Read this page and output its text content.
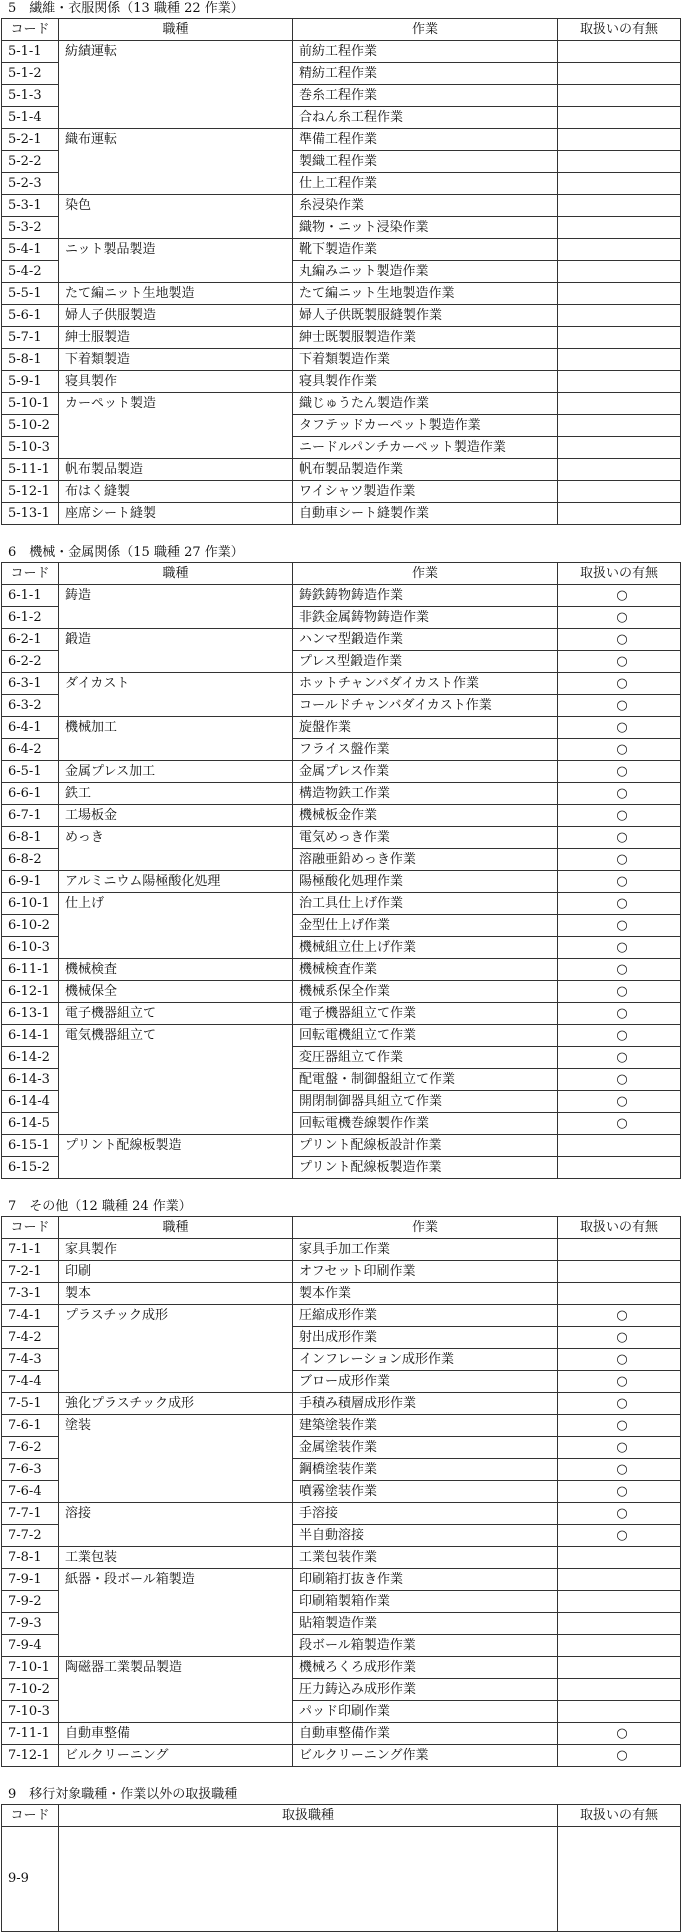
5　繊維・衣服関係（13 職種 22 作業）
コード	職種	作業	取扱いの有無
5-1-1	紡績運転	前紡工程作業	
5-1-2		精紡工程作業	
5-1-3		巻糸工程作業	
5-1-4		合ねん糸工程作業	
5-2-1	織布運転	準備工程作業	
5-2-2		製織工程作業	
5-2-3		仕上工程作業	
5-3-1	染色	糸浸染作業	
5-3-2		織物・ニット浸染作業	
5-4-1	ニット製品製造	靴下製造作業	
5-4-2		丸編みニット製造作業	
5-5-1	たて編ニット生地製造	たて編ニット生地製造作業	
5-6-1	婦人子供服製造	婦人子供既製服縫製作業	
5-7-1	紳士服製造	紳士既製服製造作業	
5-8-1	下着類製造	下着類製造作業	
5-9-1	寝具製作	寝具製作作業	
5-10-1	カーペット製造	織じゅうたん製造作業	
5-10-2		タフテッドカーペット製造作業	
5-10-3		ニードルパンチカーペット製造作業	
5-11-1	帆布製品製造	帆布製品製造作業	
5-12-1	布はく縫製	ワイシャツ製造作業	
5-13-1	座席シート縫製	自動車シート縫製作業	
6　機械・金属関係（15 職種 27 作業）
コード	職種	作業	取扱いの有無
6-1-1	鋳造	鋳鉄鋳物鋳造作業	○
6-1-2		非鉄金属鋳物鋳造作業	○
6-2-1	鍛造	ハンマ型鍛造作業	○
6-2-2		プレス型鍛造作業	○
6-3-1	ダイカスト	ホットチャンバダイカスト作業	○
6-3-2		コールドチャンバダイカスト作業	○
6-4-1	機械加工	旋盤作業	○
6-4-2		フライス盤作業	○
6-5-1	金属プレス加工	金属プレス作業	○
6-6-1	鉄工	構造物鉄工作業	○
6-7-1	工場板金	機械板金作業	○
6-8-1	めっき	電気めっき作業	○
6-8-2		溶融亜鉛めっき作業	○
6-9-1	アルミニウム陽極酸化処理	陽極酸化処理作業	○
6-10-1	仕上げ	治工具仕上げ作業	○
6-10-2		金型仕上げ作業	○
6-10-3		機械組立仕上げ作業	○
6-11-1	機械検査	機械検査作業	○
6-12-1	機械保全	機械系保全作業	○
6-13-1	電子機器組立て	電子機器組立て作業	○
6-14-1	電気機器組立て	回転電機組立て作業	○
6-14-2		変圧器組立て作業	○
6-14-3		配電盤・制御盤組立て作業	○
6-14-4		開閉制御器具組立て作業	○
6-14-5		回転電機巻線製作作業	○
6-15-1	プリント配線板製造	プリント配線板設計作業	
6-15-2		プリント配線板製造作業	
7　その他（12 職種 24 作業）
コード	職種	作業	取扱いの有無
7-1-1	家具製作	家具手加工作業	
7-2-1	印刷	オフセット印刷作業	
7-3-1	製本	製本作業	
7-4-1	プラスチック成形	圧縮成形作業	○
7-4-2		射出成形作業	○
7-4-3		インフレーション成形作業	○
7-4-4		ブロー成形作業	○
7-5-1	強化プラスチック成形	手積み積層成形作業	○
7-6-1	塗装	建築塗装作業	○
7-6-2		金属塗装作業	○
7-6-3		鋼橋塗装作業	○
7-6-4		噴霧塗装作業	○
7-7-1	溶接	手溶接	○
7-7-2		半自動溶接	○
7-8-1	工業包装	工業包装作業	
7-9-1	紙器・段ボール箱製造	印刷箱打抜き作業	
7-9-2		印刷箱製箱作業	
7-9-3		貼箱製造作業	
7-9-4		段ボール箱製造作業	
7-10-1	陶磁器工業製品製造	機械ろくろ成形作業	
7-10-2		圧力鋳込み成形作業	
7-10-3		パッド印刷作業	
7-11-1	自動車整備	自動車整備作業	○
7-12-1	ビルクリーニング	ビルクリーニング作業	○
9　移行対象職種・作業以外の取扱職種
コード	取扱職種	取扱いの有無
9-9		
